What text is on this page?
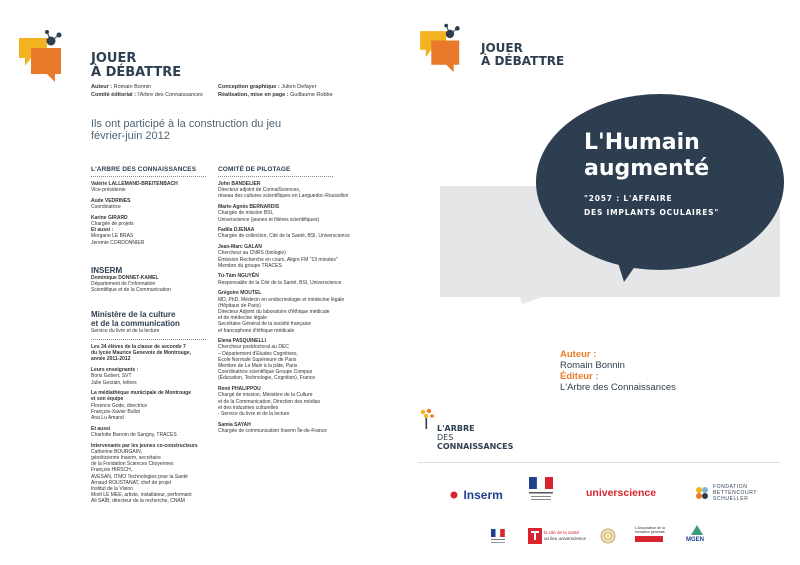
JOUER
À DÉBATTRE
Auteur : Romain Bonnin
Comité éditorial : l'Arbre des Connaissances
Conception graphique : Julien Defayer
Réalisation, mise en page : Guillaume Robbe
Ils ont participé à la construction du jeu
février-juin 2012
L'ARBRE DES CONNAISSANCES
Valérie LALLEMAND-BREITENBACH
Vice-présidente
Aude VEDRINES
Coordinatrice
Karine GIRARD
Chargée de projets
Et aussi :
Morgane LE BRAS
Jeremie CORDONNIER
INSERM
Dominique DONNET-KAMEL
Département de l'Information
Scientifique et de la Communication
Ministère de la culture
et de la communication
Service du livre et de la lecture
Les 34 élèves de la classe de seconde 7
du lycée Maurice Genevoix de Montrouge,
année 2011-2012
Leurs enseignants :
Boris Gobert, SVT
Julie Gesrain, lettres
La médiathèque municipale de Montrouge
et son équipe
Florence Gode, directrice
François-Xavier Bullot
Ana Lu Amand
Et aussi
Charlotte Barroin de Sangny, TRACES
Intervenants par les jeunes co-constructeurs
Catherine BOURGAIN,
généticienne Inserm, secrétaire
de la Fondation Sciences Citoyennes
François HIRSCH,
AVESAN, ITMO Technologies pour la Santé
Arnaud ROUSTANAT, chef de projet
Institut de la Vision
Moël LE MEE, artiste, installateur, performant
Ali SAÏB, directeur de la recherche, CNAM
COMITÉ DE PILOTAGE
John BANDELIER
Directeur adjoint de ConnaiSciences,
réseau des cultures scientifiques en Languedoc-Roussillon
Marie-Agnès BERNARDIS
Chargée de mission BSI,
Universcience (jeunes et filières scientifiques)
Fadila DJENAA
Chargée de collection, Cité de la Santé, BSI, Universcience
Jean-Marc GALAN
Chercheur au CNRS (biologie)
Émission Recherche en cours, Aligre FM "13 minutes"
Membre du groupe TRACES
Tú-Tâm NGUYỄN
Responsable de la Cité de la Santé, BSI, Universcience
Grégoire MOUTEL
MD, PhD, Médecin en endocrinologie et médecine légale
(Hôpitaux de Paris)
Directeur Adjoint du laboratoire d'éthique médicale
et de médecine légale
Secrétaire Général de la société française
et francophone d'éthique médicale
Elena PASQUINELLI
Chercheur postdoctoral au DEC
– Département d'Études Cognitives,
École Normale Supérieure de Paris
Membre de La Main à la pâte, Paris
Coordinatrice scientifique Groupe Compas
(Éducation, Technologie, Cognition), France
René PHALIPPOU
Chargé de mission, Ministère de la Culture
et de la Communication, Direction des médias
et des industries culturelles
- Service du livre et de la lecture
Samia SAYAH
Chargée de communication Inserm Île-de-France
JOUER
À DÉBATTRE
L'Humain
augmenté
"2057 : L'AFFAIRE
DES IMPLANTS OCULAIRES"
Auteur :
Romain Bonnin
Éditeur :
L'Arbre des Connaissances
L'ARBRE
DES
CONNAISSANCES
Inserm	universcience	FONDATION
BETTENCOURT
SCHUELLER
la cité de la santé
un lieu universcience
L'Association de la fondation générale
MGEN
